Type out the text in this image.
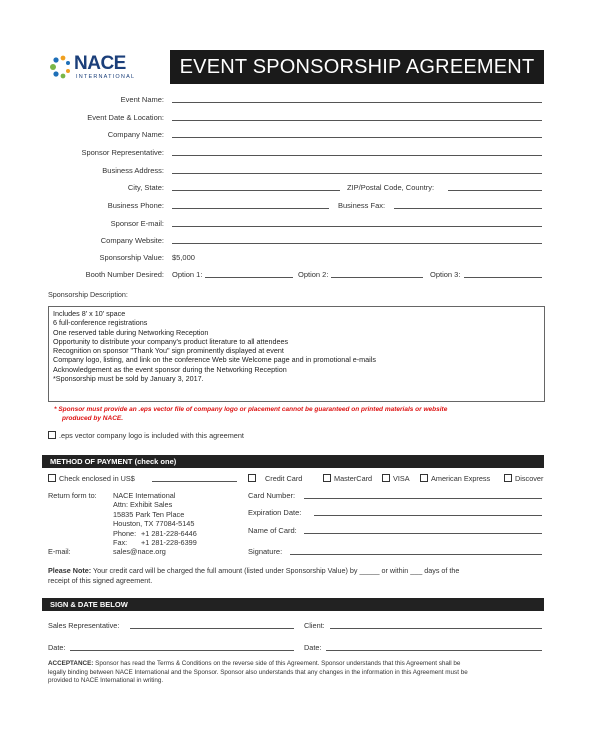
NACE
INTERNATIONAL	EVENT SPONSORSHIP AGREEMENT
Event Name:
Event Date & Location:
Company Name:
Sponsor Representative:
Business Address:
City, State:	ZIP/Postal Code, Country:
Business Phone:	Business Fax:
Sponsor E-mail:
Company Website:
Sponsorship Value: $5,000
Booth Number Desired: Option 1:	Option 2:	Option 3:
Sponsorship Description:
Includes 8' x 10' space
6 full-conference registrations
One reserved table during Networking Reception
Opportunity to distribute your company's product literature to all attendees
Recognition on sponsor "Thank You" sign prominently displayed at event
Company logo, listing, and link on the conference Web site Welcome page and in promotional e-mails
Acknowledgement as the event sponsor during the Networking Reception
*Sponsorship must be sold by January 3, 2017.
* Sponsor must provide an .eps vector file of company logo or placement cannot be guaranteed on printed materials or website
produced by NACE.
.eps vector company logo is included with this agreement
METHOD OF PAYMENT (check one)
Check enclosed in US$	Credit Card	MasterCard	VISA	American Express	Discover
Return form to: NACE International
Attn: Exhibit Sales
15835 Park Ten Place
Houston, TX 77084-5145
Phone: +1 281-228-6446
Fax: +1 281-228-6399
E-mail:	sales@nace.org
Card Number:
Expiration Date:
Name of Card:
Signature:
Please Note: Your credit card will be charged the full amount (listed under Sponsorship Value) by _____ or within ___ days of the
receipt of this signed agreement.
SIGN & DATE BELOW
Sales Representative:	Client:
Date:	Date:
ACCEPTANCE: Sponsor has read the Terms & Conditions on the reverse side of this Agreement. Sponsor understands that this Agreement shall be
legally binding between NACE International and the Sponsor. Sponsor also understands that any changes in the information in this Agreement must be
provided to NACE International in writing.
